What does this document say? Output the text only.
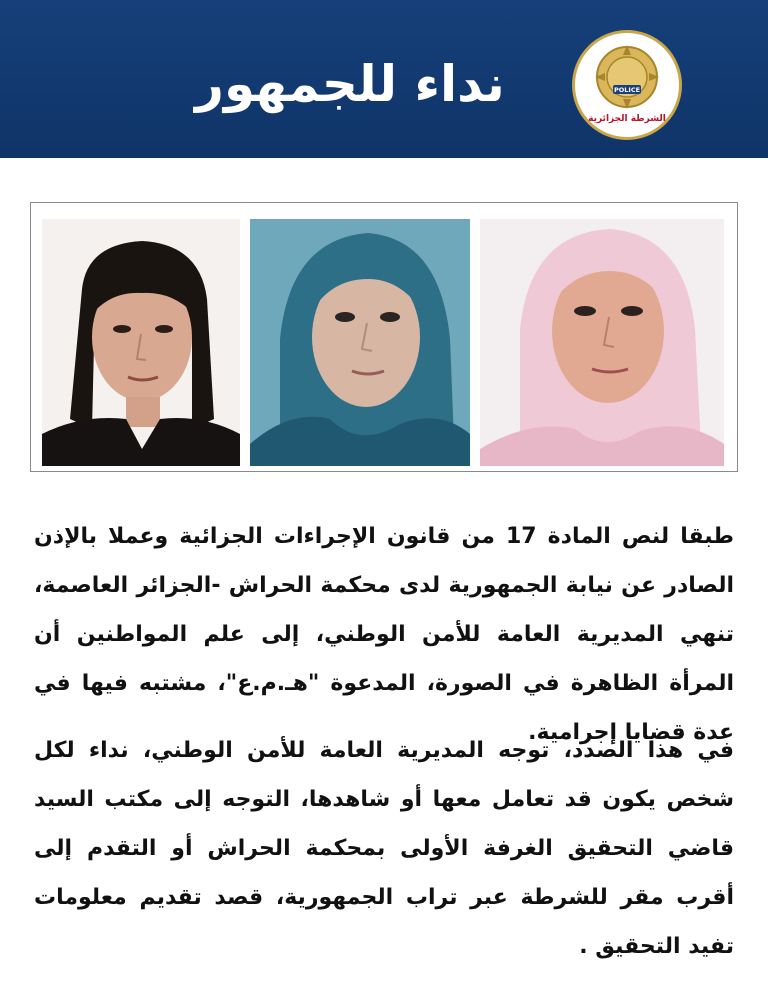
نداء للجمهور	POLICE
الشرطة الجزائرية
طبقا لنص المادة 17 من قانون الإجراءات الجزائية وعملا بالإذن الصادر عن نيابة الجمهورية لدى محكمة الحراش -الجزائر العاصمة، تنهي المديرية العامة للأمن الوطني، إلى علم المواطنين أن المرأة الظاهرة في الصورة، المدعوة "هـ.م.ع"، مشتبه فيها في عدة قضايا إجرامية.
في هذا الصدد، توجه المديرية العامة للأمن الوطني، نداء لكل شخص يكون قد تعامل معها أو شاهدها، التوجه إلى مكتب السيد قاضي التحقيق الغرفة الأولى بمحكمة الحراش أو التقدم إلى أقرب مقر للشرطة عبر تراب الجمهورية، قصد تقديم معلومات تفيد التحقيق .
